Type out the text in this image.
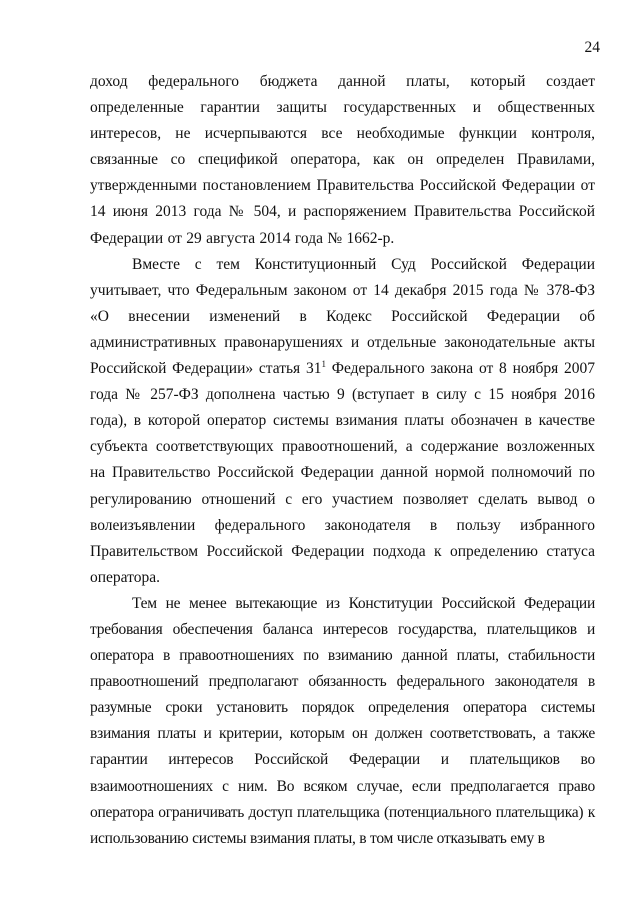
24

доход федерального бюджета данной платы, который создает определенные гарантии защиты государственных и общественных интересов, не исчерпываются все необходимые функции контроля, связанные со спецификой оператора, как он определен Правилами, утвержденными постановлением Правительства Российской Федерации от 14 июня 2013 года № 504, и распоряжением Правительства Российской Федерации от 29 августа 2014 года № 1662-р.

Вместе с тем Конституционный Суд Российской Федерации учитывает, что Федеральным законом от 14 декабря 2015 года № 378-ФЗ «О внесении изменений в Кодекс Российской Федерации об административных правонарушениях и отдельные законодательные акты Российской Федерации» статья $31^1$ Федерального закона от 8 ноября 2007 года № 257-ФЗ дополнена частью 9 (вступает в силу с 15 ноября 2016 года), в которой оператор системы взимания платы обозначен в качестве субъекта соответствующих правоотношений, а содержание возложенных на Правительство Российской Федерации данной нормой полномочий по регулированию отношений с его участием позволяет сделать вывод о волеизъявлении федерального законодателя в пользу избранного Правительством Российской Федерации подхода к определению статуса оператора.

Тем не менее вытекающие из Конституции Российской Федерации требования обеспечения баланса интересов государства, плательщиков и оператора в правоотношениях по взиманию данной платы, стабильности правоотношений предполагают обязанность федерального законодателя в разумные сроки установить порядок определения оператора системы взимания платы и критерии, которым он должен соответствовать, а также гарантии интересов Российской Федерации и плательщиков во взаимоотношениях с ним. Во всяком случае, если предполагается право оператора ограничивать доступ плательщика (потенциального плательщика) к использованию системы взимания платы, в том числе отказывать ему в
